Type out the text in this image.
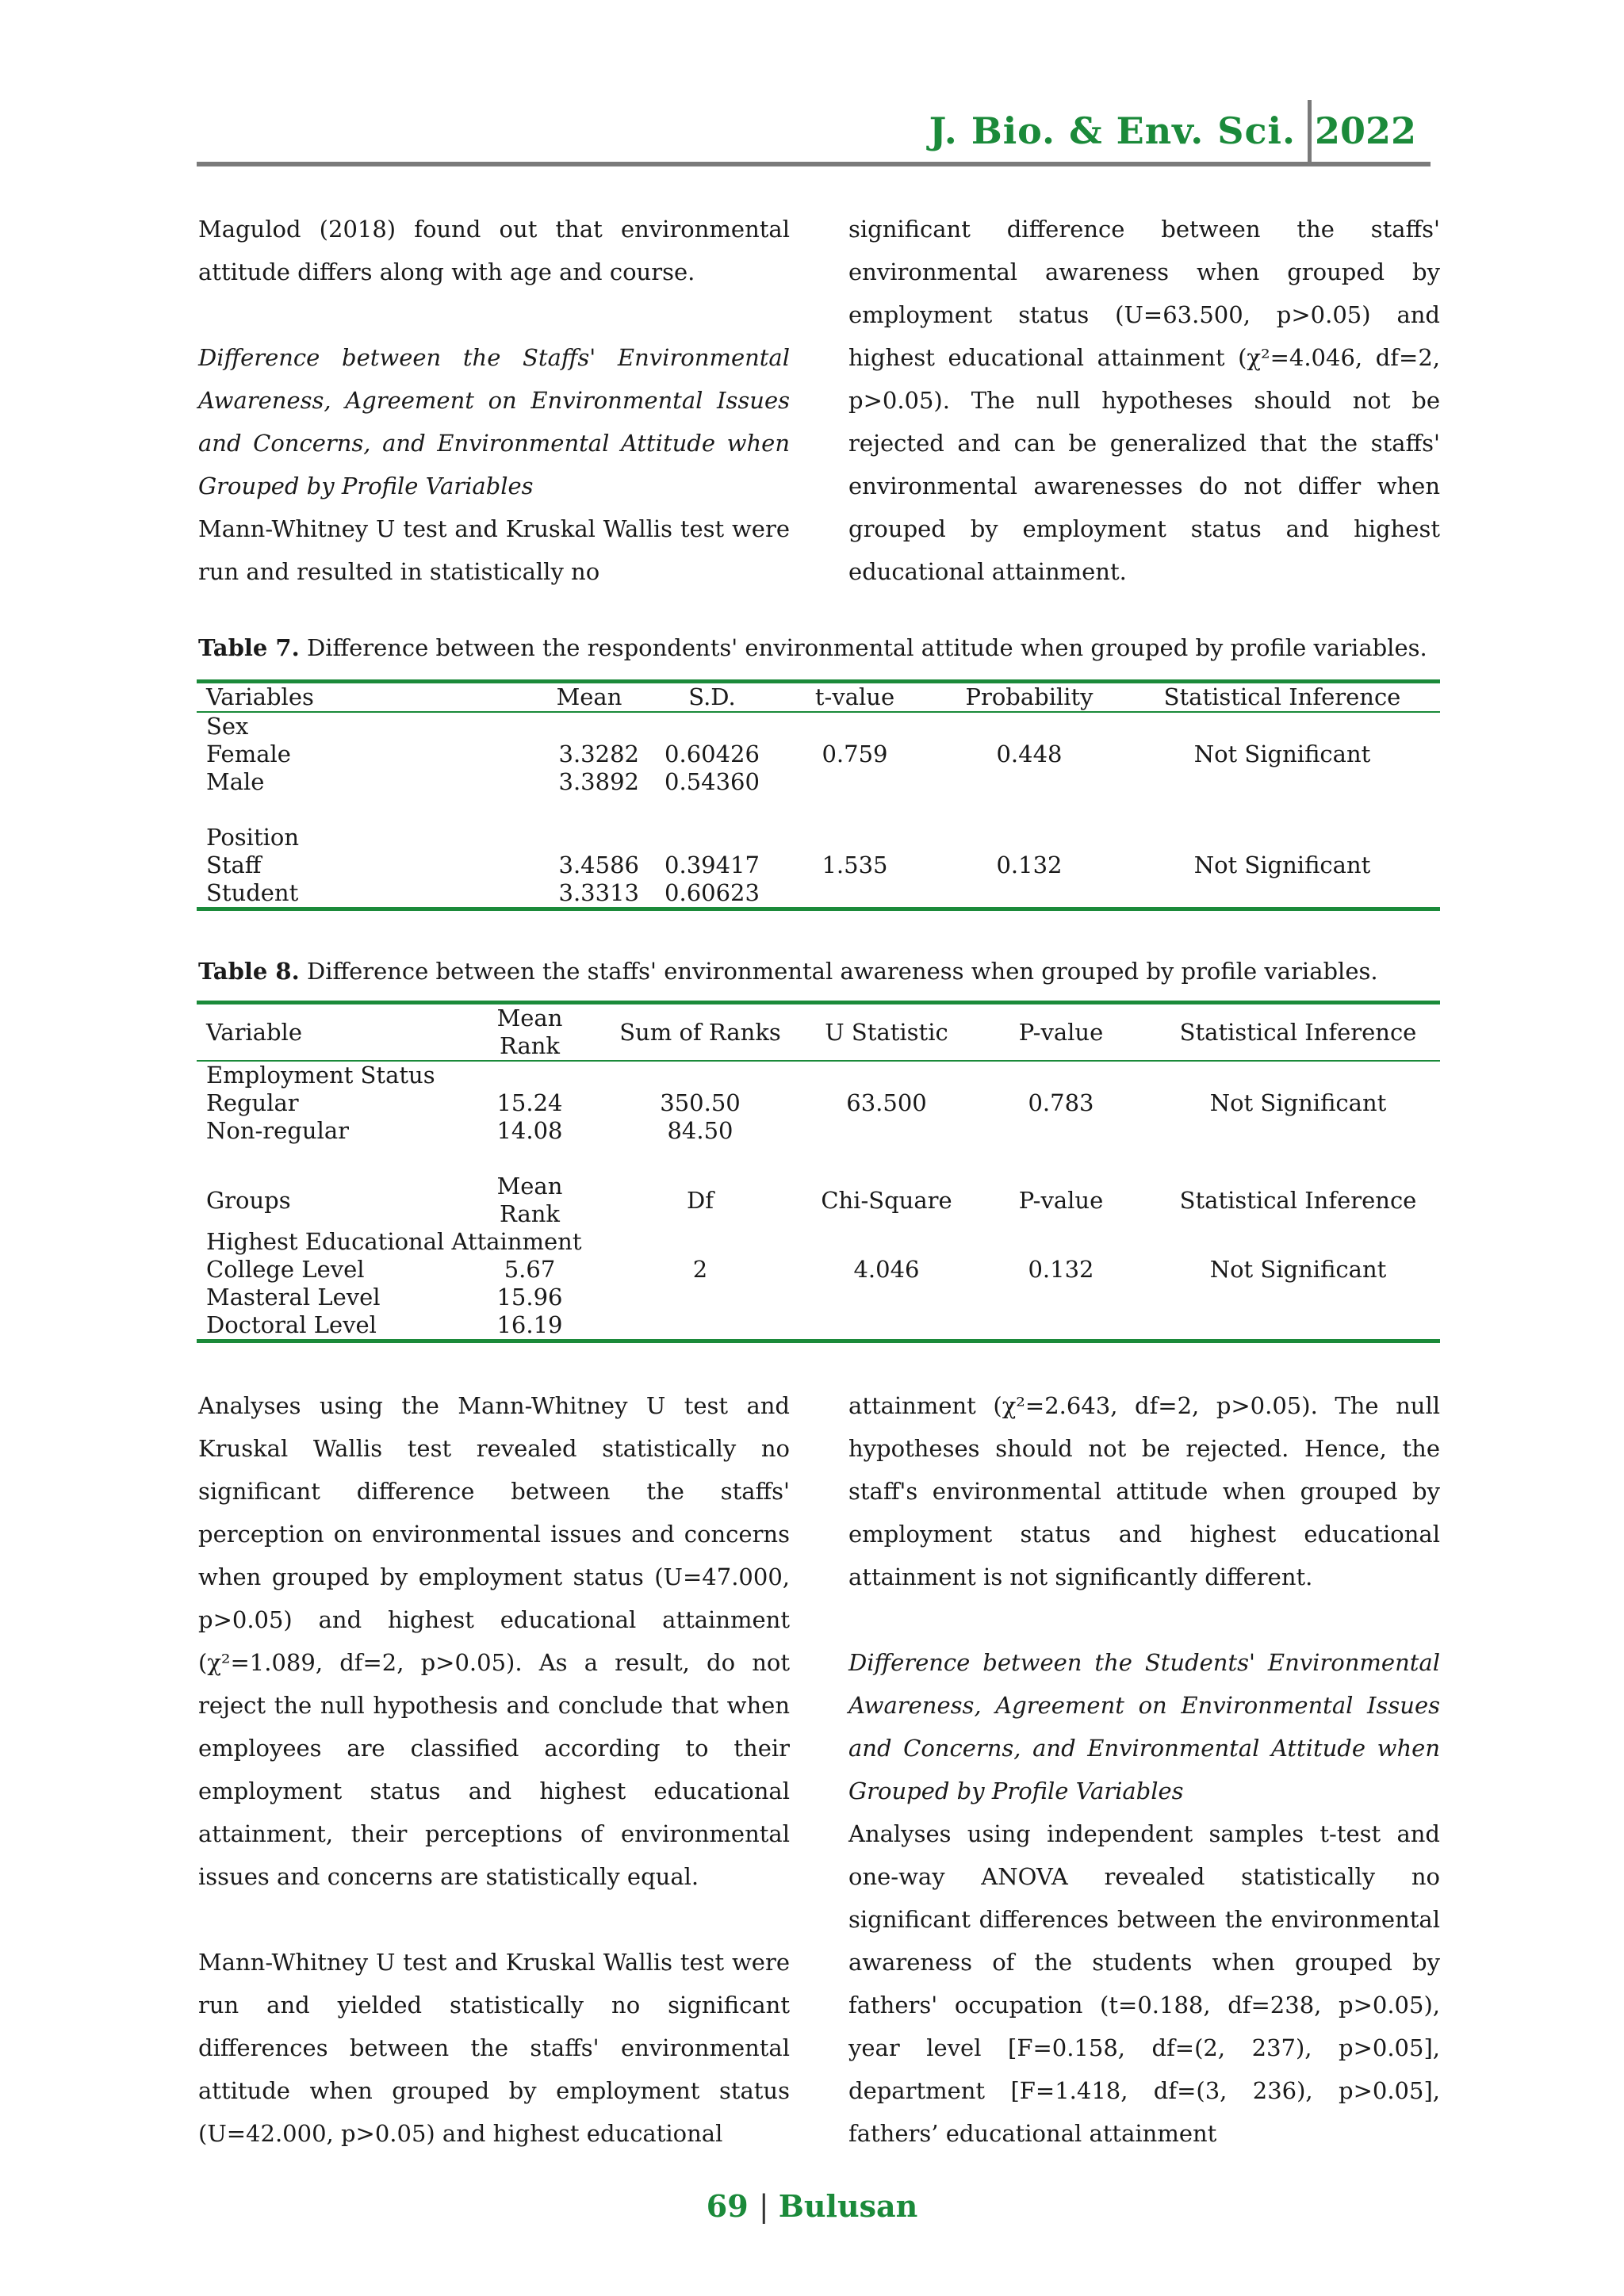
J. Bio. & Env. Sci. 2022

Magulod (2018) found out that environmental attitude differs along with age and course.

Difference between the Staffs' Environmental Awareness, Agreement on Environmental Issues and Concerns, and Environmental Attitude when Grouped by Profile Variables

Mann-Whitney U test and Kruskal Wallis test were run and resulted in statistically no

significant difference between the staffs' environmental awareness when grouped by employment status (U=63.500, p>0.05) and highest educational attainment (χ²=4.046, df=2, p>0.05). The null hypotheses should not be rejected and can be generalized that the staffs' environmental awarenesses do not differ when grouped by employment status and highest educational attainment.

Table 7. Difference between the respondents' environmental attitude when grouped by profile variables.
Variables	Mean	S.D.	t-value	Probability	Statistical Inference
Sex					
Female	3.3282	0.60426	0.759	0.448	Not Significant
Male	3.3892	0.54360			

Position					
Staff	3.4586	0.39417	1.535	0.132	Not Significant
Student	3.3313	0.60623			
Table 8. Difference between the staffs' environmental awareness when grouped by profile variables.
Variable	Mean Rank	Sum of Ranks	U Statistic	P-value	Statistical Inference
Employment Status					
Regular	15.24	350.50	63.500	0.783	Not Significant
Non-regular	14.08	84.50			

Groups	Mean Rank	Df	Chi-Square	P-value	Statistical Inference
Highest Educational Attainment					
College Level	5.67	2	4.046	0.132	Not Significant
Masteral Level	15.96				
Doctoral Level	16.19				

Analyses using the Mann-Whitney U test and Kruskal Wallis test revealed statistically no significant difference between the staffs' perception on environmental issues and concerns when grouped by employment status (U=47.000, p>0.05) and highest educational attainment (χ²=1.089, df=2, p>0.05). As a result, do not reject the null hypothesis and conclude that when employees are classified according to their employment status and highest educational attainment, their perceptions of environmental issues and concerns are statistically equal.

Mann-Whitney U test and Kruskal Wallis test were run and yielded statistically no significant differences between the staffs' environmental attitude when grouped by employment status (U=42.000, p>0.05) and highest educational

attainment (χ²=2.643, df=2, p>0.05). The null hypotheses should not be rejected. Hence, the staff's environmental attitude when grouped by employment status and highest educational attainment is not significantly different.

Difference between the Students' Environmental Awareness, Agreement on Environmental Issues and Concerns, and Environmental Attitude when Grouped by Profile Variables

Analyses using independent samples t-test and one-way ANOVA revealed statistically no significant differences between the environmental awareness of the students when grouped by fathers' occupation (t=0.188, df=238, p>0.05), year level [F=0.158, df=(2, 237), p>0.05], department [F=1.418, df=(3, 236), p>0.05], fathers’ educational attainment

69 | Bulusan
